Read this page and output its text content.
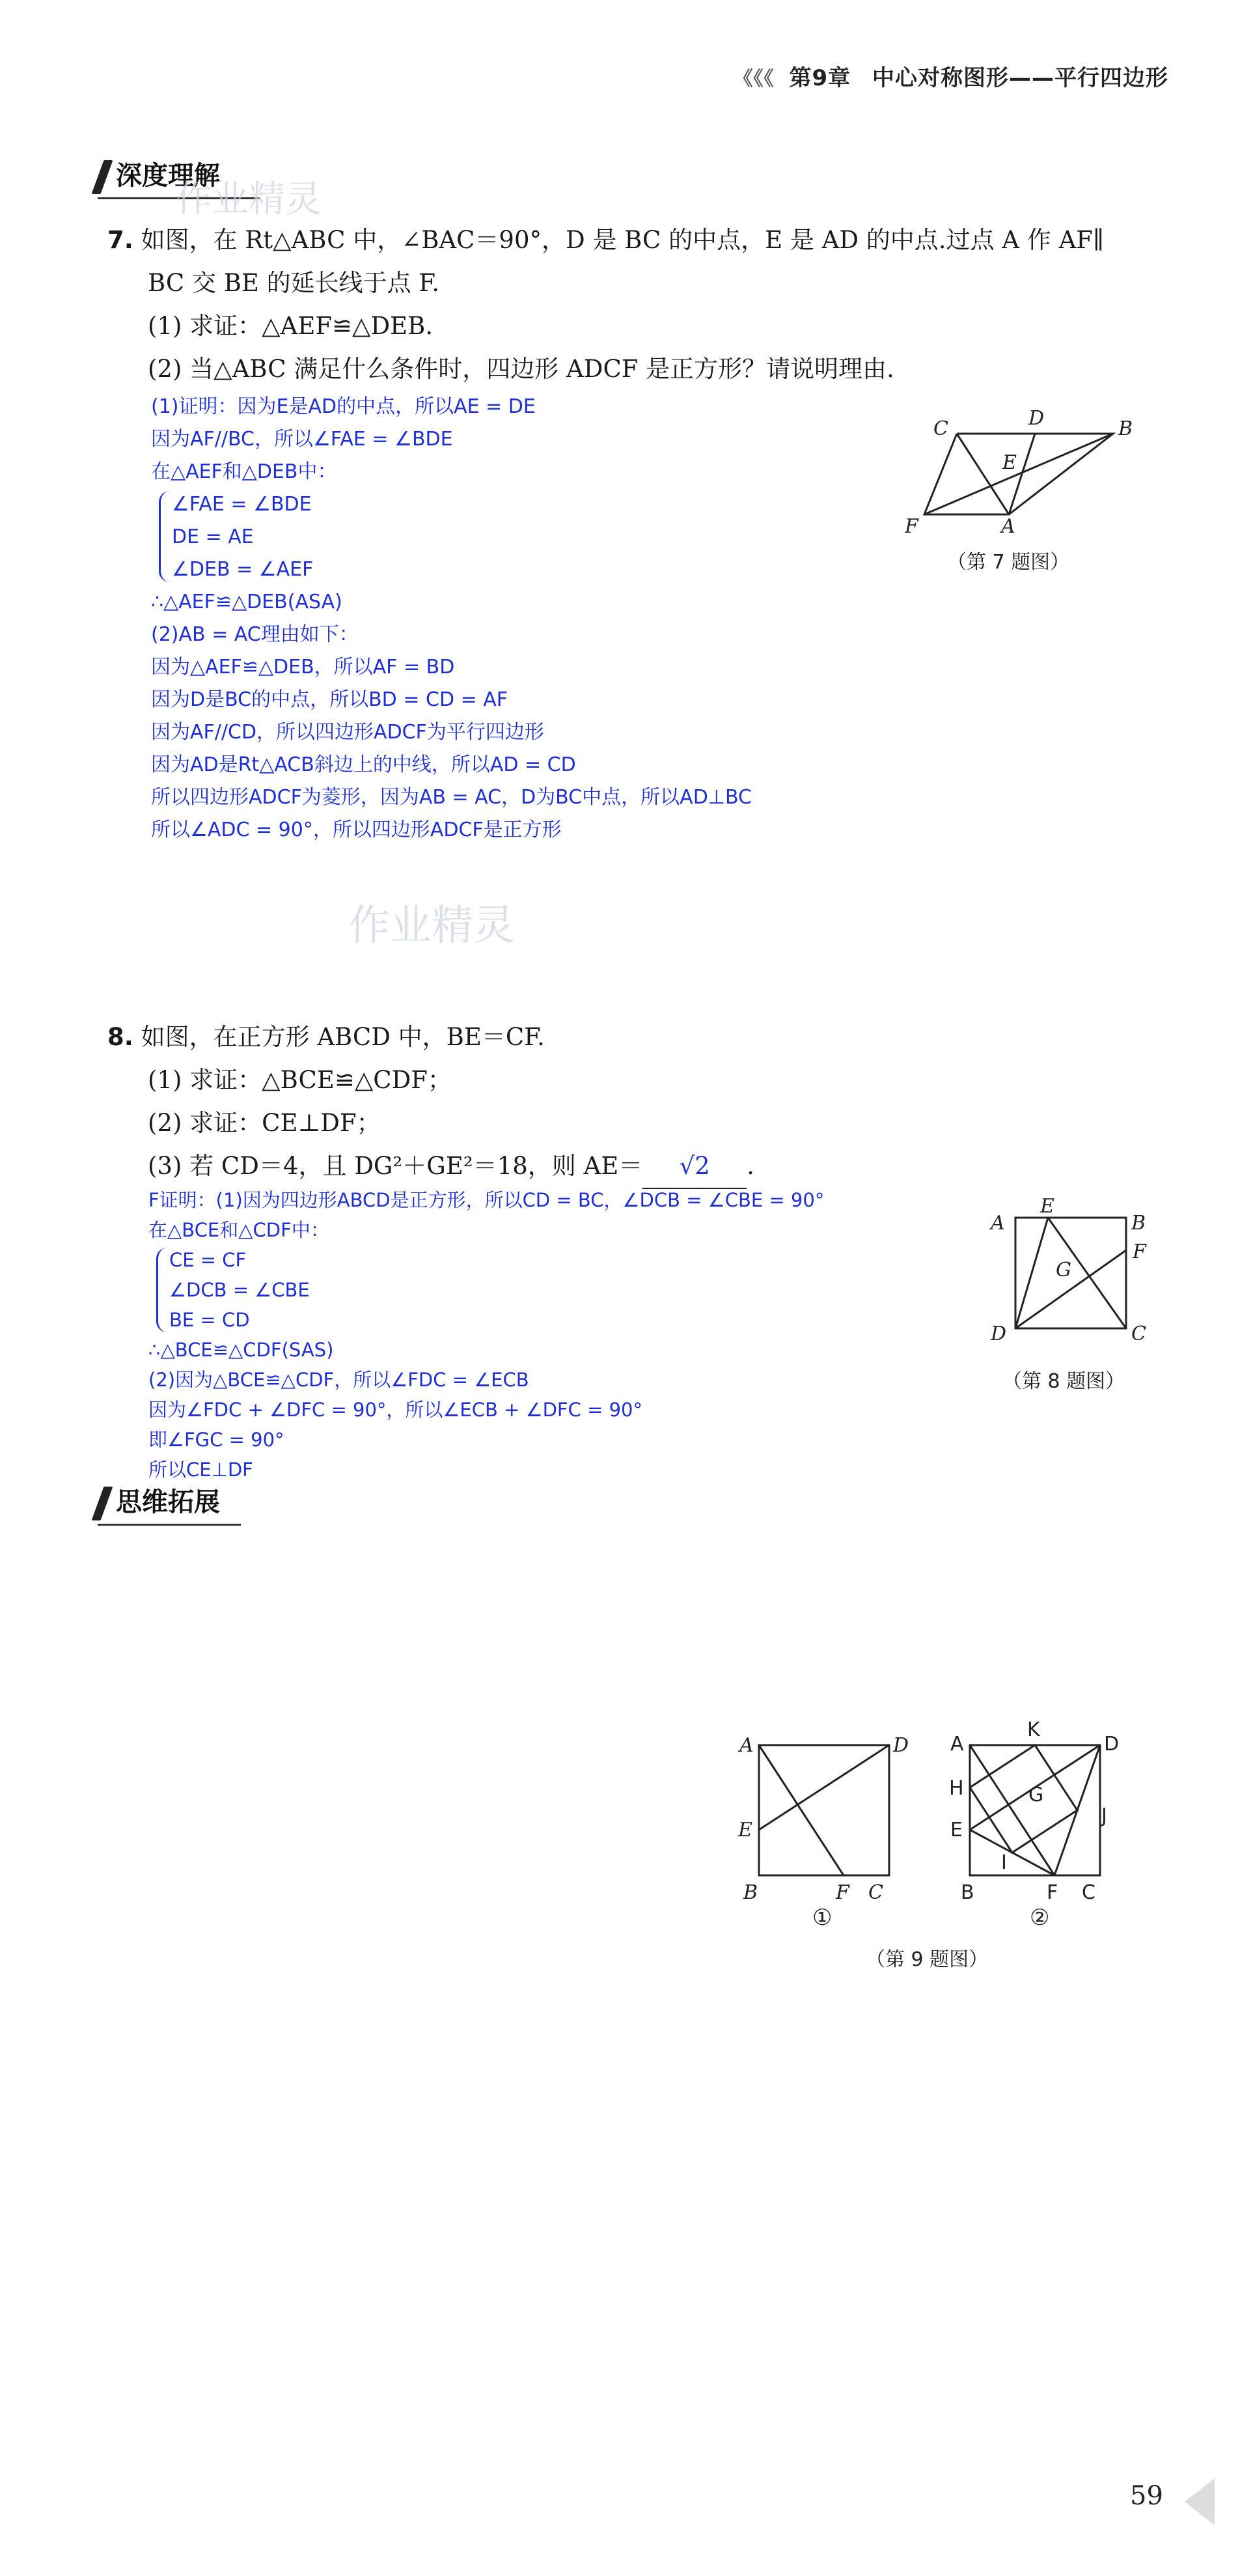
《《《 第9章 中心对称图形——平行四边形
深度理解
作业精灵
7. 如图，在 Rt△ABC 中，∠BAC＝90°，D 是 BC 的中点，E 是 AD 的中点.过点 A 作 AF∥
BC 交 BE 的延长线于点 F.
(1) 求证：△AEF≌△DEB.
(2) 当△ABC 满足什么条件时，四边形 ADCF 是正方形？请说明理由.
(1)证明：因为E是AD的中点，所以AE = DE
因为AF//BC，所以∠FAE = ∠BDE
在△AEF和△DEB中：
∠FAE = ∠BDE
DE = AE
∠DEB = ∠AEF
∴△AEF≌△DEB(ASA)
(2)AB = AC理由如下：
因为△AEF≌△DEB，所以AF = BD
因为D是BC的中点，所以BD = CD = AF
因为AF//CD，所以四边形ADCF为平行四边形
因为AD是Rt△ACB斜边上的中线，所以AD = CD
所以四边形ADCF为菱形，因为AB = AC，D为BC中点，所以AD⊥BC
所以∠ADC = 90°，所以四边形ADCF是正方形
C	D	B
E
F	A
（第 7 题图）
作业精灵
8. 如图，在正方形 ABCD 中，BE＝CF.
(1) 求证：△BCE≌△CDF；
(2) 求证：CE⊥DF；
(3) 若 CD＝4，且 DG²＋GE²＝18，则 AE＝ √2 .
F证明：(1)因为四边形ABCD是正方形，所以CD = BC，∠DCB = ∠CBE = 90°
在△BCE和△CDF中：
CE = CF
∠DCB = ∠CBE
BE = CD
∴△BCE≌△CDF(SAS)
(2)因为△BCE≌△CDF，所以∠FDC = ∠ECB
因为∠FDC + ∠DFC = 90°，所以∠ECB + ∠DFC = 90°
即∠FGC = 90°
所以CE⊥DF
A
E
B
F
G
D	C
（第 8 题图）
思维拓展
A	D
E
B	F C
①
A
K
D
H	G
E
J
I
B	F C
②
（第 9 题图）
59
